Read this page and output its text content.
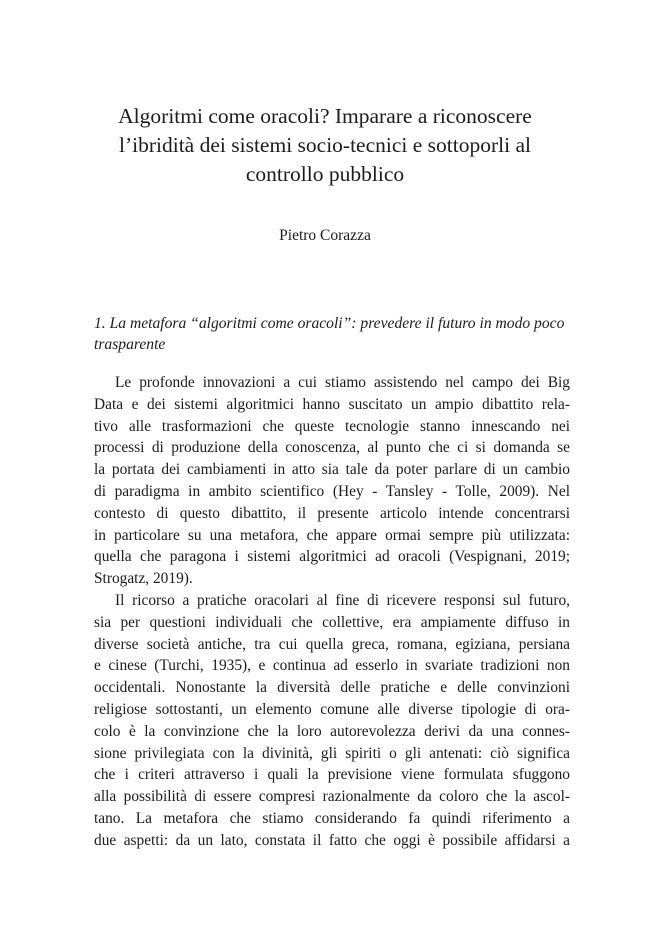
Algoritmi come oracoli? Imparare a riconoscere
l’ibridità dei sistemi socio-tecnici e sottoporli al
controllo pubblico
Pietro Corazza
1. La metafora “algoritmi come oracoli”: prevedere il futuro in modo poco
trasparente
Le profonde innovazioni a cui stiamo assistendo nel campo dei Big
Data e dei sistemi algoritmici hanno suscitato un ampio dibattito rela-
tivo alle trasformazioni che queste tecnologie stanno innescando nei
processi di produzione della conoscenza, al punto che ci si domanda se
la portata dei cambiamenti in atto sia tale da poter parlare di un cambio
di paradigma in ambito scientifico (Hey - Tansley - Tolle, 2009). Nel
contesto di questo dibattito, il presente articolo intende concentrarsi
in particolare su una metafora, che appare ormai sempre più utilizzata:
quella che paragona i sistemi algoritmici ad oracoli (Vespignani, 2019;
Strogatz, 2019).
Il ricorso a pratiche oracolari al fine di ricevere responsi sul futuro,
sia per questioni individuali che collettive, era ampiamente diffuso in
diverse società antiche, tra cui quella greca, romana, egiziana, persiana
e cinese (Turchi, 1935), e continua ad esserlo in svariate tradizioni non
occidentali. Nonostante la diversità delle pratiche e delle convinzioni
religiose sottostanti, un elemento comune alle diverse tipologie di ora-
colo è la convinzione che la loro autorevolezza derivi da una connes-
sione privilegiata con la divinità, gli spiriti o gli antenati: ciò significa
che i criteri attraverso i quali la previsione viene formulata sfuggono
alla possibilità di essere compresi razionalmente da coloro che la ascol-
tano. La metafora che stiamo considerando fa quindi riferimento a
due aspetti: da un lato, constata il fatto che oggi è possibile affidarsi a
